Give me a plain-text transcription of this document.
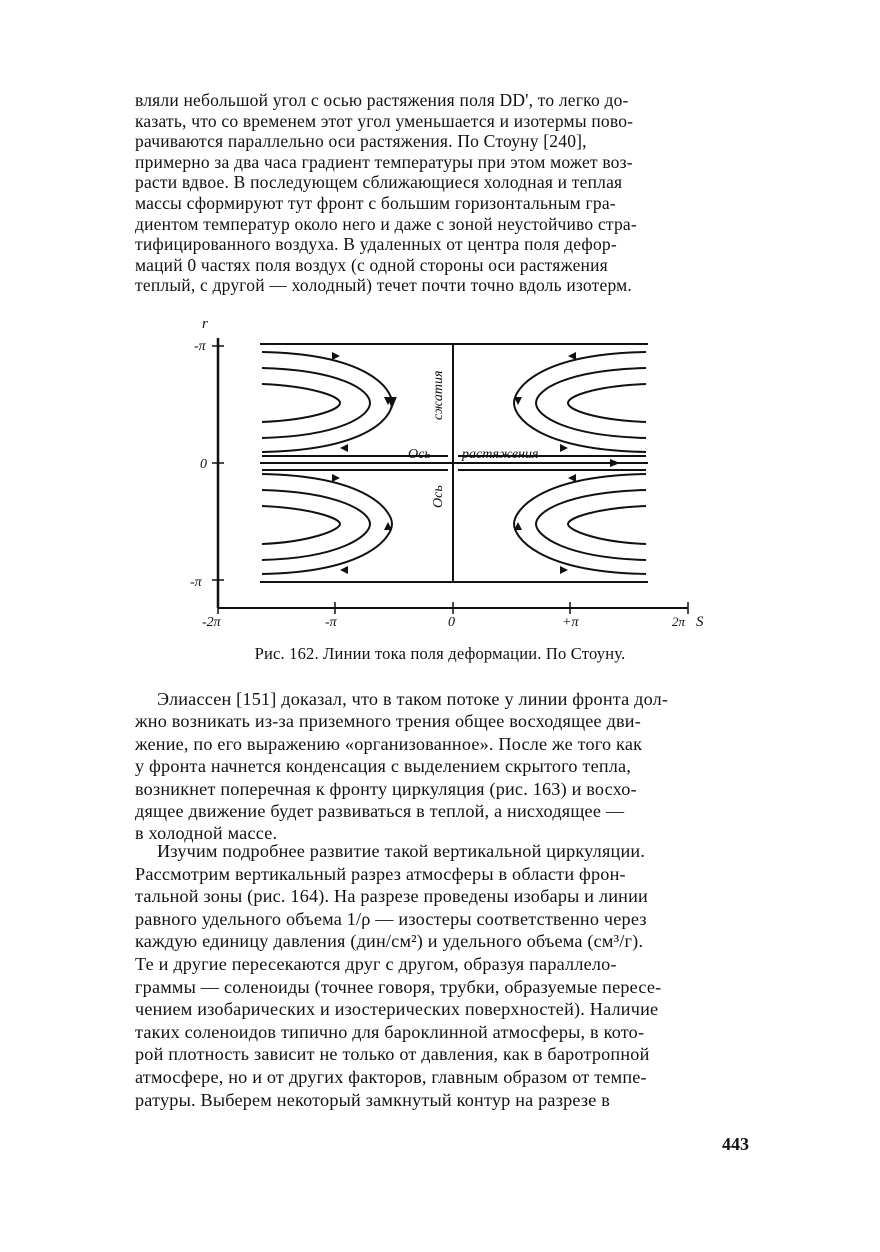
вляли небольшой угол с осью растяжения поля DD', то легко до-
казать, что со временем этот угол уменьшается и изотермы пово-
рачиваются параллельно оси растяжения. По Стоуну [240],
примерно за два часа градиент температуры при этом может воз-
расти вдвое. В последующем сближающиеся холодная и теплая
массы сформируют тут фронт с большим горизонтальным гра-
диентом температур около него и даже с зоной неустойчиво стра-
тифицированного воздуха. В удаленных от центра поля дефор-
маций 0 частях поля воздух (с одной стороны оси растяжения
теплый, с другой — холодный) течет почти точно вдоль изотерм.
r
-π
0
-π
-2π	-π	0	+π	2π S
Ось растяжения
сжатия
Ось
Рис. 162. Линии тока поля деформации. По Стоуну.
Элиассен [151] доказал, что в таком потоке у линии фронта дол-
жно возникать из-за приземного трения общее восходящее дви-
жение, по его выражению «организованное». После же того как
у фронта начнется конденсация с выделением скрытого тепла,
возникнет поперечная к фронту циркуляция (рис. 163) и восхо-
дящее движение будет развиваться в теплой, а нисходящее —
в холодной массе.
Изучим подробнее развитие такой вертикальной циркуляции.
Рассмотрим вертикальный разрез атмосферы в области фрон-
тальной зоны (рис. 164). На разрезе проведены изобары и линии
равного удельного объема 1/ρ — изостеры соответственно через
каждую единицу давления (дин/см²) и удельного объема (см³/г).
Те и другие пересекаются друг с другом, образуя параллело-
граммы — соленоиды (точнее говоря, трубки, образуемые пересе-
чением изобарических и изостерических поверхностей). Наличие
таких соленоидов типично для бароклинной атмосферы, в кото-
рой плотность зависит не только от давления, как в баротропной
атмосфере, но и от других факторов, главным образом от темпе-
ратуры. Выберем некоторый замкнутый контур на разрезе в
443
